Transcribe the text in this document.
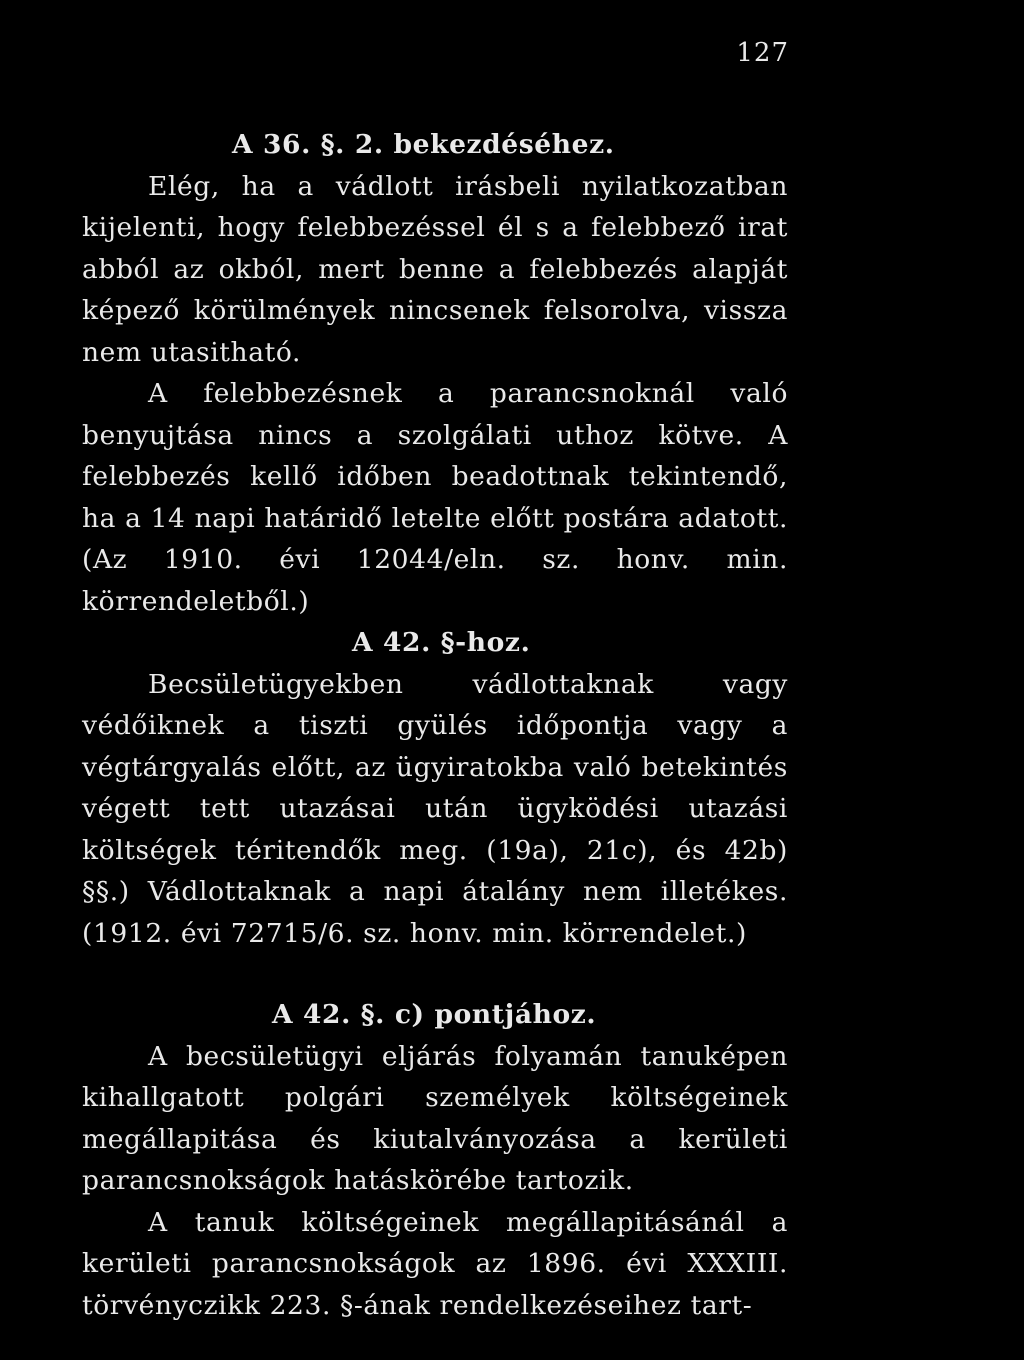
127

A 36. §. 2. bekezdéséhez.

Elég, ha a vádlott irásbeli nyilatkozatban kijelenti, hogy felebbezéssel él s a felebbező irat abból az okból, mert benne a felebbezés alapját képező körülmények nincsenek felsorolva, vissza nem utasitható.

A felebbezésnek a parancsnoknál való benyujtása nincs a szolgálati uthoz kötve. A felebbezés kellő időben beadottnak tekintendő, ha a 14 napi határidő letelte előtt postára adatott. (Az 1910. évi 12044/eln. sz. honv. min. körrendeletből.)

A 42. §-hoz.

Becsületügyekben vádlottaknak vagy védőiknek a tiszti gyülés időpontja vagy a végtárgyalás előtt, az ügyiratokba való betekintés végett tett utazásai után ügyködési utazási költségek téritendők meg. (19a), 21c), és 42b) §§.) Vádlottaknak a napi átalány nem illetékes. (1912. évi 72715/6. sz. honv. min. körrendelet.)

A 42. §. c) pontjához.

A becsületügyi eljárás folyamán tanuképen kihallgatott polgári személyek költségeinek megállapitása és kiutalványozása a kerületi parancsnokságok hatáskörébe tartozik.

A tanuk költségeinek megállapitásánál a kerületi parancsnokságok az 1896. évi XXXIII. törvényczikk 223. §-ának rendelkezéseihez tart-
